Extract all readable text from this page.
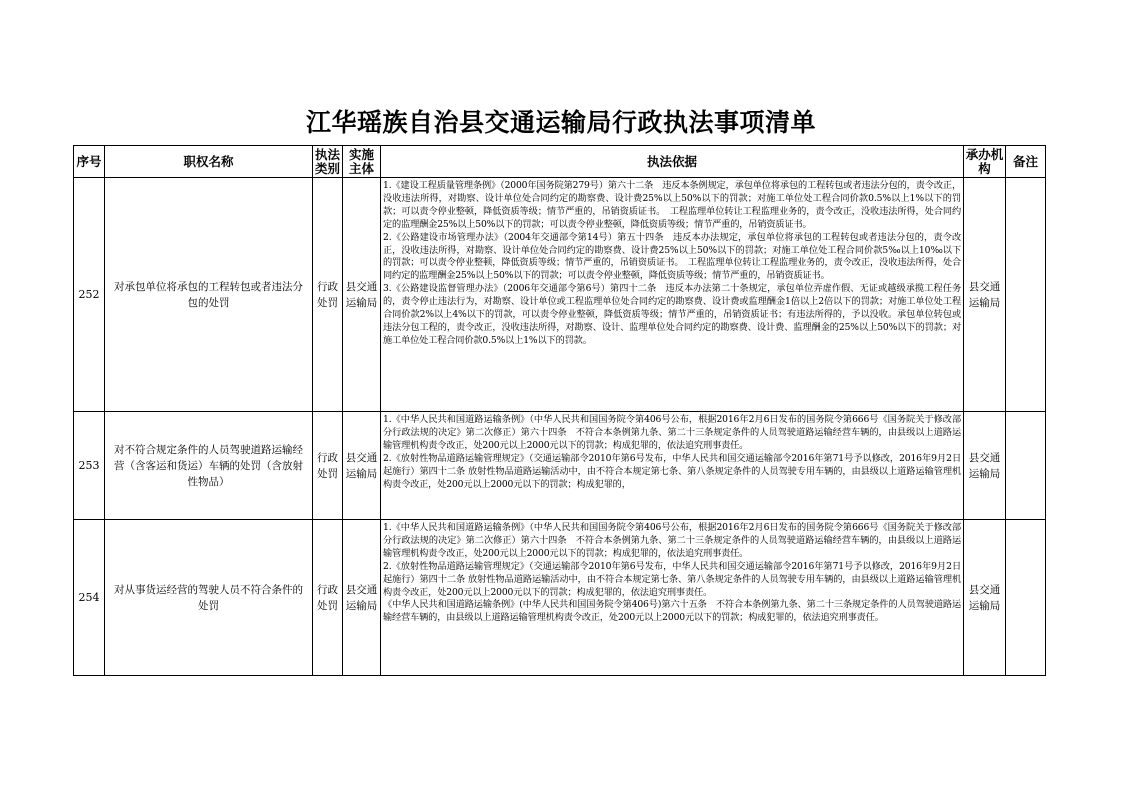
江华瑶族自治县交通运输局行政执法事项清单
序号	职权名称	执法类别	实施主体	执法依据	承办机构	备注
252	对承包单位将承包的工程转包或者违法分包的处罚	行政处罚	县交通运输局	1.《建设工程质量管理条例》（2000年国务院第279号）第六十二条　违反本条例规定，承包单位将承包的工程转包或者违法分包的，责令改正，没收违法所得，对勘察、设计单位处合同约定的勘察费、设计费25%以上50%以下的罚款；对施工单位处工程合同价款0.5%以上1%以下的罚款；可以责令停业整顿，降低资质等级；情节严重的，吊销资质证书。　工程监理单位转让工程监理业务的，责令改正，没收违法所得，处合同约定的监理酬金25%以上50%以下的罚款；可以责令停业整顿，降低资质等级；情节严重的，吊销资质证书。

2.《公路建设市场管理办法》（2004年交通部令第14号）第五十四条　违反本办法规定，承包单位将承包的工程转包或者违法分包的，责令改正，没收违法所得，对勘察、设计单位处合同约定的勘察费、设计费25%以上50%以下的罚款；对施工单位处工程合同价款5‰以上10‰以下的罚款；可以责令停业整顿，降低资质等级；情节严重的，吊销资质证书。　工程监理单位转让工程监理业务的，责令改正，没收违法所得，处合同约定的监理酬金25%以上50%以下的罚款；可以责令停业整顿，降低资质等级；情节严重的，吊销资质证书。

3.《公路建设监督管理办法》（2006年交通部令第6号）第四十二条　违反本办法第二十条规定，承包单位弄虚作假、无证或越级承揽工程任务的，责令停止违法行为，对勘察、设计单位或工程监理单位处合同约定的勘察费、设计费或监理酬金1倍以上2倍以下的罚款；对施工单位处工程合同价款2%以上4%以下的罚款，可以责令停业整顿，降低资质等级；情节严重的，吊销资质证书；有违法所得的，予以没收。承包单位转包或违法分包工程的，责令改正，没收违法所得，对勘察、设计、监理单位处合同约定的勘察费、设计费、监理酬金的25%以上50%以下的罚款；对施工单位处工程合同价款0.5%以上1%以下的罚款。	县交通运输局	
253	对不符合规定条件的人员驾驶道路运输经营（含客运和货运）车辆的处罚（含放射性物品）	行政处罚	县交通运输局	1.《中华人民共和国道路运输条例》（中华人民共和国国务院令第406号公布，根据2016年2月6日发布的国务院令第666号《国务院关于修改部分行政法规的决定》第二次修正）第六十四条　不符合本条例第九条、第二十三条规定条件的人员驾驶道路运输经营车辆的，由县级以上道路运输管理机构责令改正，处200元以上2000元以下的罚款；构成犯罪的，依法追究刑事责任。

2.《放射性物品道路运输管理规定》（交通运输部令2010年第6号发布，中华人民共和国交通运输部令2016年第71号予以修改，2016年9月2日起施行）第四十二条 放射性物品道路运输活动中，由不符合本规定第七条、第八条规定条件的人员驾驶专用车辆的，由县级以上道路运输管理机构责令改正，处200元以上2000元以下的罚款；构成犯罪的，	县交通运输局	
254	对从事货运经营的驾驶人员不符合条件的处罚	行政处罚	县交通运输局	1.《中华人民共和国道路运输条例》（中华人民共和国国务院令第406号公布，根据2016年2月6日发布的国务院令第666号《国务院关于修改部分行政法规的决定》第二次修正）第六十四条　不符合本条例第九条、第二十三条规定条件的人员驾驶道路运输经营车辆的，由县级以上道路运输管理机构责令改正，处200元以上2000元以下的罚款；构成犯罪的，依法追究刑事责任。

2.《放射性物品道路运输管理规定》（交通运输部令2010年第6号发布，中华人民共和国交通运输部令2016年第71号予以修改，2016年9月2日起施行）第四十二条 放射性物品道路运输活动中，由不符合本规定第七条、第八条规定条件的人员驾驶专用车辆的，由县级以上道路运输管理机构责令改正，处200元以上2000元以下的罚款；构成犯罪的，依法追究刑事责任。

《中华人民共和国道路运输条例》(中华人民共和国国务院令第406号)第六十五条　不符合本条例第九条、第二十三条规定条件的人员驾驶道路运输经营车辆的，由县级以上道路运输管理机构责令改正，处200元以上2000元以下的罚款；构成犯罪的，依法追究刑事责任。	县交通运输局	
